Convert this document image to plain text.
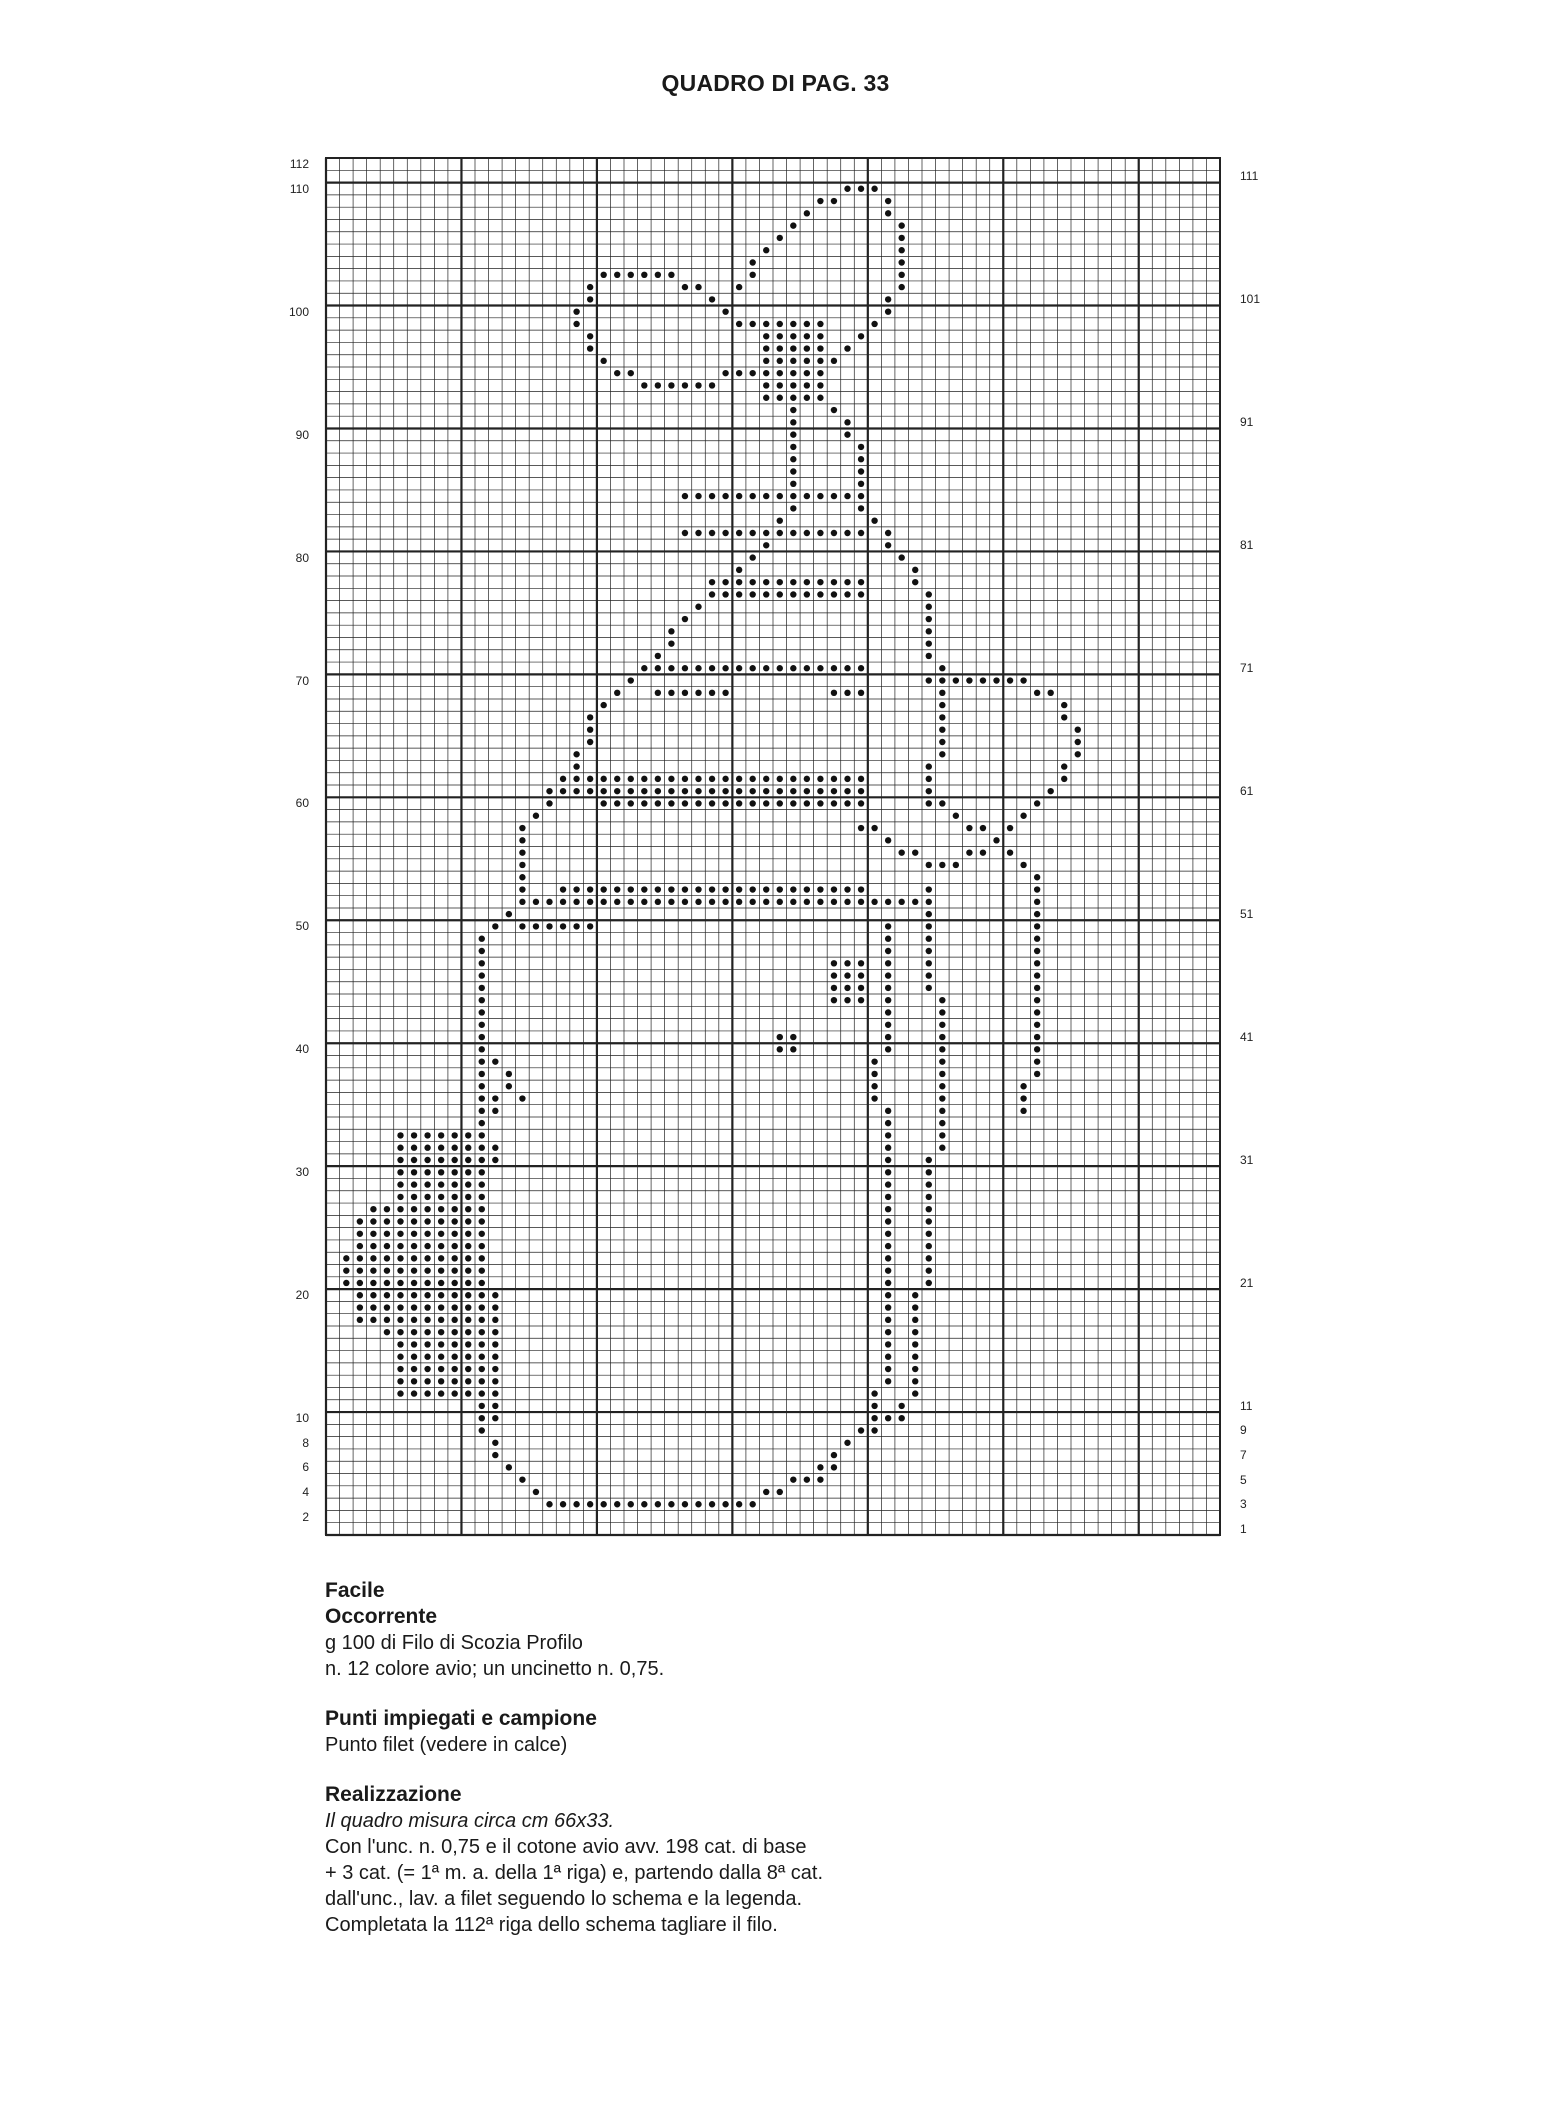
QUADRO DI PAG. 33
112
110
100
90
80
70
60
50
40
30
20
10
8
6
4
2
111
101
91
81
71
61
51
41
31
21
11
9
7
5
3
1
Facile
Occorrente

g 100 di Filo di Scozia Profilo

n. 12 colore avio; un uncinetto n. 0,75.

Punti impiegati e campione

Punto filet (vedere in calce)

Realizzazione

Il quadro misura circa cm 66x33.

Con l'unc. n. 0,75 e il cotone avio avv. 198 cat. di base

+ 3 cat. (= 1ª m. a. della 1ª riga) e, partendo dalla 8ª cat.

dall'unc., lav. a filet seguendo lo schema e la legenda.

Completata la 112ª riga dello schema tagliare il filo.
